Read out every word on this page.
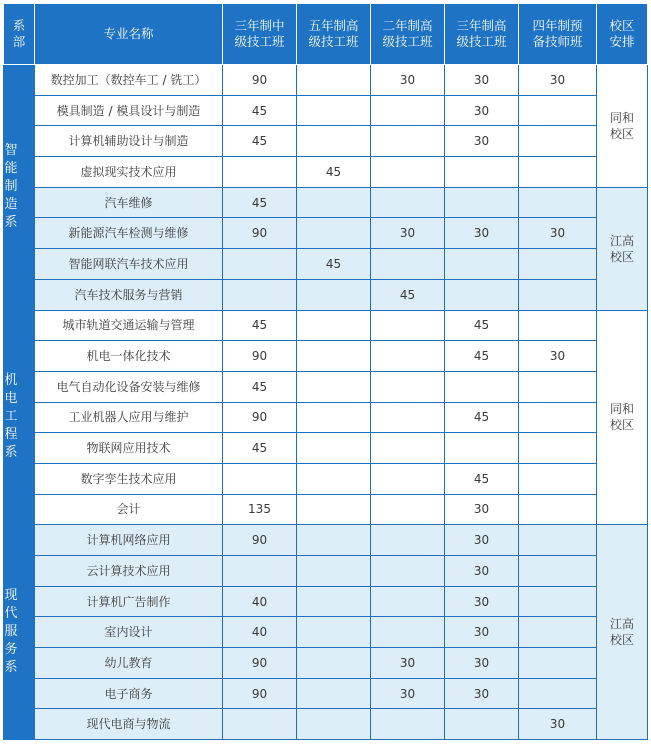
系部	专业名称	三年制中级技工班	五年制高级技工班	二年制高级技工班	三年制高级技工班	四年制预备技师班	校区安排

智能制造系	数控加工（数控车工 / 铣工）	90		30	30	30	同和校区
	模具制造 / 模具设计与制造	45			30		
	计算机辅助设计与制造	45			30		
	虚拟现实技术应用		45				
	汽车维修	45					江高校区
	新能源汽车检测与维修	90		30	30	30	
	智能网联汽车技术应用		45				
	汽车技术服务与营销			45			

机电工程系	城市轨道交通运输与管理	45			45		同和校区
	机电一体化技术	90			45	30	
	电气自动化设备安装与维修	45					
	工业机器人应用与维护	90			45		
	物联网应用技术	45					
	数字孪生技术应用				45		
	会计	135			30		

现代服务系	计算机网络应用	90			30		江高校区
	云计算技术应用				30		
	计算机广告制作	40			30		
	室内设计	40			30		
	幼儿教育	90		30	30		
	电子商务	90		30	30		
	现代电商与物流					30	
